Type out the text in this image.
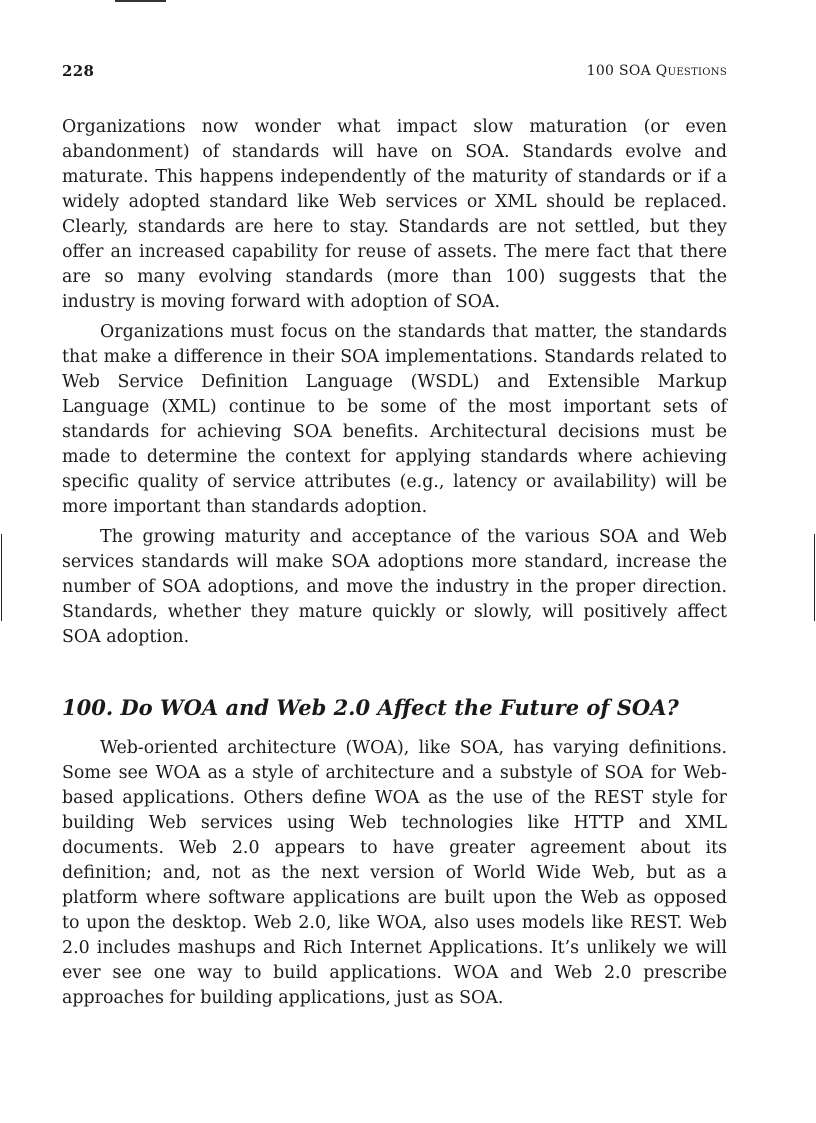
228	100 SOA Questions

Organizations now wonder what impact slow maturation (or even abandonment) of standards will have on SOA. Standards evolve and maturate. This happens independently of the maturity of standards or if a widely adopted standard like Web services or XML should be replaced. Clearly, standards are here to stay. Standards are not settled, but they offer an increased capability for reuse of assets. The mere fact that there are so many evolving standards (more than 100) suggests that the industry is moving forward with adoption of SOA.

Organizations must focus on the standards that matter, the standards that make a difference in their SOA implementations. Standards related to Web Service Definition Language (WSDL) and Extensible Markup Language (XML) continue to be some of the most important sets of standards for achieving SOA benefits. Architectural decisions must be made to determine the context for applying standards where achieving specific quality of service attributes (e.g., latency or availability) will be more important than standards adoption.

The growing maturity and acceptance of the various SOA and Web services standards will make SOA adoptions more standard, increase the number of SOA adoptions, and move the industry in the proper direction. Standards, whether they mature quickly or slowly, will positively affect SOA adoption.

100. Do WOA and Web 2.0 Affect the Future of SOA?

Web-oriented architecture (WOA), like SOA, has varying definitions. Some see WOA as a style of architecture and a substyle of SOA for Web-based applications. Others define WOA as the use of the REST style for building Web services using Web technologies like HTTP and XML documents. Web 2.0 appears to have greater agreement about its definition; and, not as the next version of World Wide Web, but as a platform where software applications are built upon the Web as opposed to upon the desktop. Web 2.0, like WOA, also uses models like REST. Web 2.0 includes mashups and Rich Internet Applications. It’s unlikely we will ever see one way to build applications. WOA and Web 2.0 prescribe approaches for building applications, just as SOA.
